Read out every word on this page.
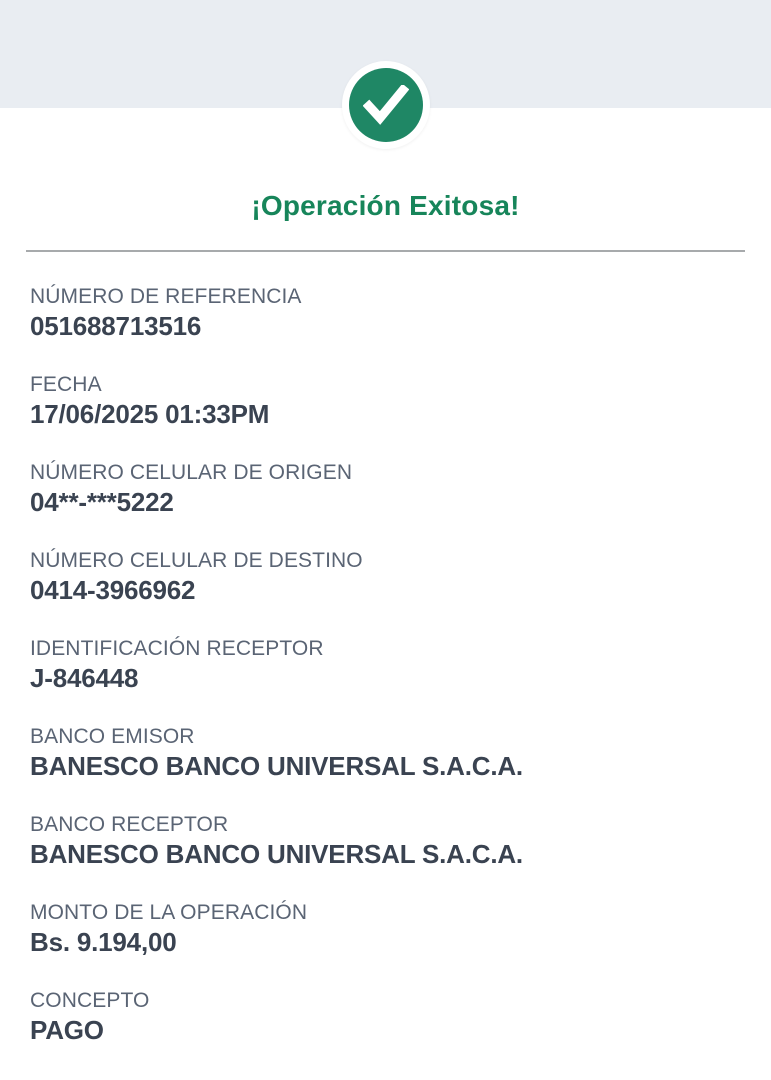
¡Operación Exitosa!
NÚMERO DE REFERENCIA
051688713516
FECHA
17/06/2025 01:33PM
NÚMERO CELULAR DE ORIGEN
04**-***5222
NÚMERO CELULAR DE DESTINO
0414-3966962
IDENTIFICACIÓN RECEPTOR
J-846448
BANCO EMISOR
BANESCO BANCO UNIVERSAL S.A.C.A.
BANCO RECEPTOR
BANESCO BANCO UNIVERSAL S.A.C.A.
MONTO DE LA OPERACIÓN
Bs. 9.194,00
CONCEPTO
PAGO
